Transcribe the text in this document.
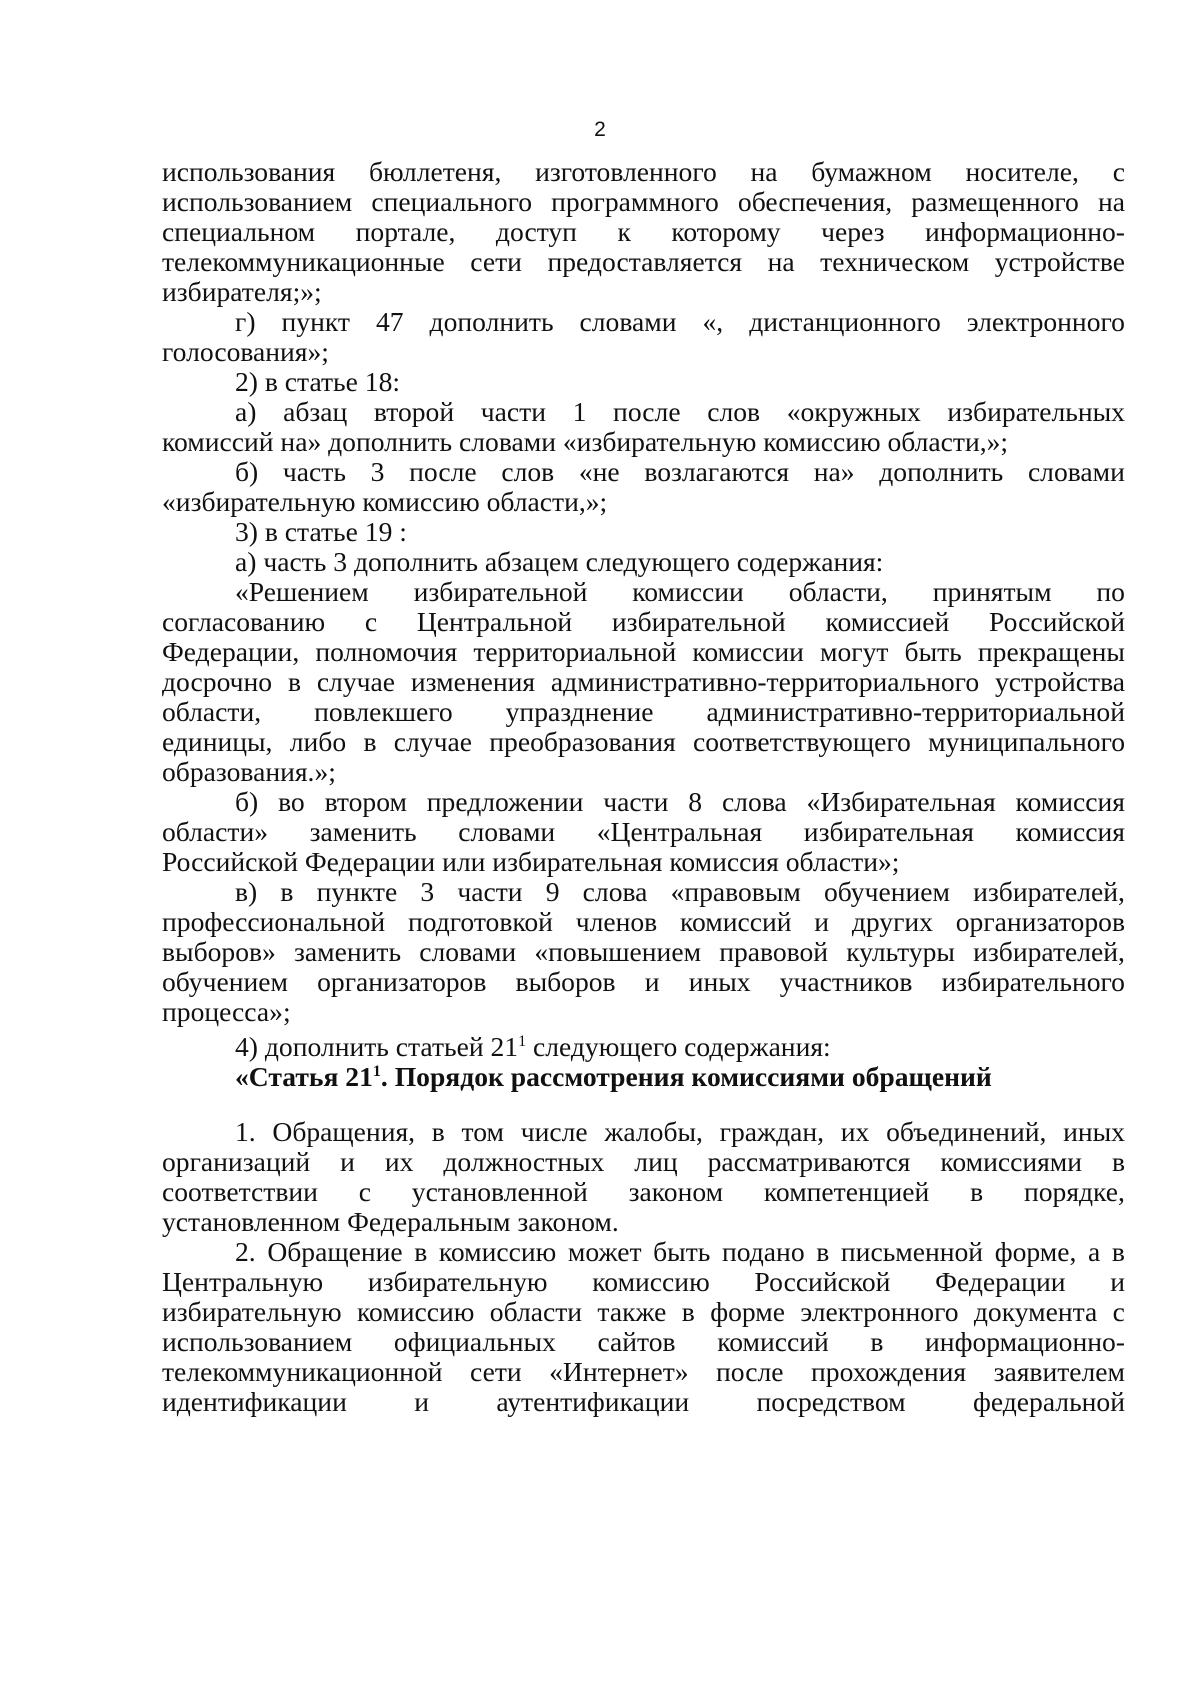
2
использования бюллетеня, изготовленного на бумажном носителе, с
использованием специального программного обеспечения, размещенного на
специальном портале, доступ к которому через информационно-
телекоммуникационные сети предоставляется на техническом устройстве
избирателя;»;
г) пункт 47 дополнить словами «, дистанционного электронного
голосования»;
2) в статье 18:
а) абзац второй части 1 после слов «окружных избирательных
комиссий на» дополнить словами «избирательную комиссию области,»;
б) часть 3 после слов «не возлагаются на» дополнить словами
«избирательную комиссию области,»;
3) в статье 19 :
а) часть 3 дополнить абзацем следующего содержания:
«Решением избирательной комиссии области, принятым по
согласованию с Центральной избирательной комиссией Российской
Федерации, полномочия территориальной комиссии могут быть прекращены
досрочно в случае изменения административно-территориального устройства
области, повлекшего упразднение административно-территориальной
единицы, либо в случае преобразования соответствующего муниципального
образования.»;
б) во втором предложении части 8 слова «Избирательная комиссия
области» заменить словами «Центральная избирательная комиссия
Российской Федерации или избирательная комиссия области»;
в) в пункте 3 части 9 слова «правовым обучением избирателей,
профессиональной подготовкой членов комиссий и других организаторов
выборов» заменить словами «повышением правовой культуры избирателей,
обучением организаторов выборов и иных участников избирательного
процесса»;
4) дополнить статьей $21^1$ следующего содержания:
«Статья $21^1$. Порядок рассмотрения комиссиями обращений
1. Обращения, в том числе жалобы, граждан, их объединений, иных
организаций и их должностных лиц рассматриваются комиссиями в
соответствии с установленной законом компетенцией в порядке,
установленном Федеральным законом.
2. Обращение в комиссию может быть подано в письменной форме, а в
Центральную избирательную комиссию Российской Федерации и
избирательную комиссию области также в форме электронного документа с
использованием официальных сайтов комиссий в информационно-
телекоммуникационной сети «Интернет» после прохождения заявителем
идентификации и аутентификации посредством федеральной
